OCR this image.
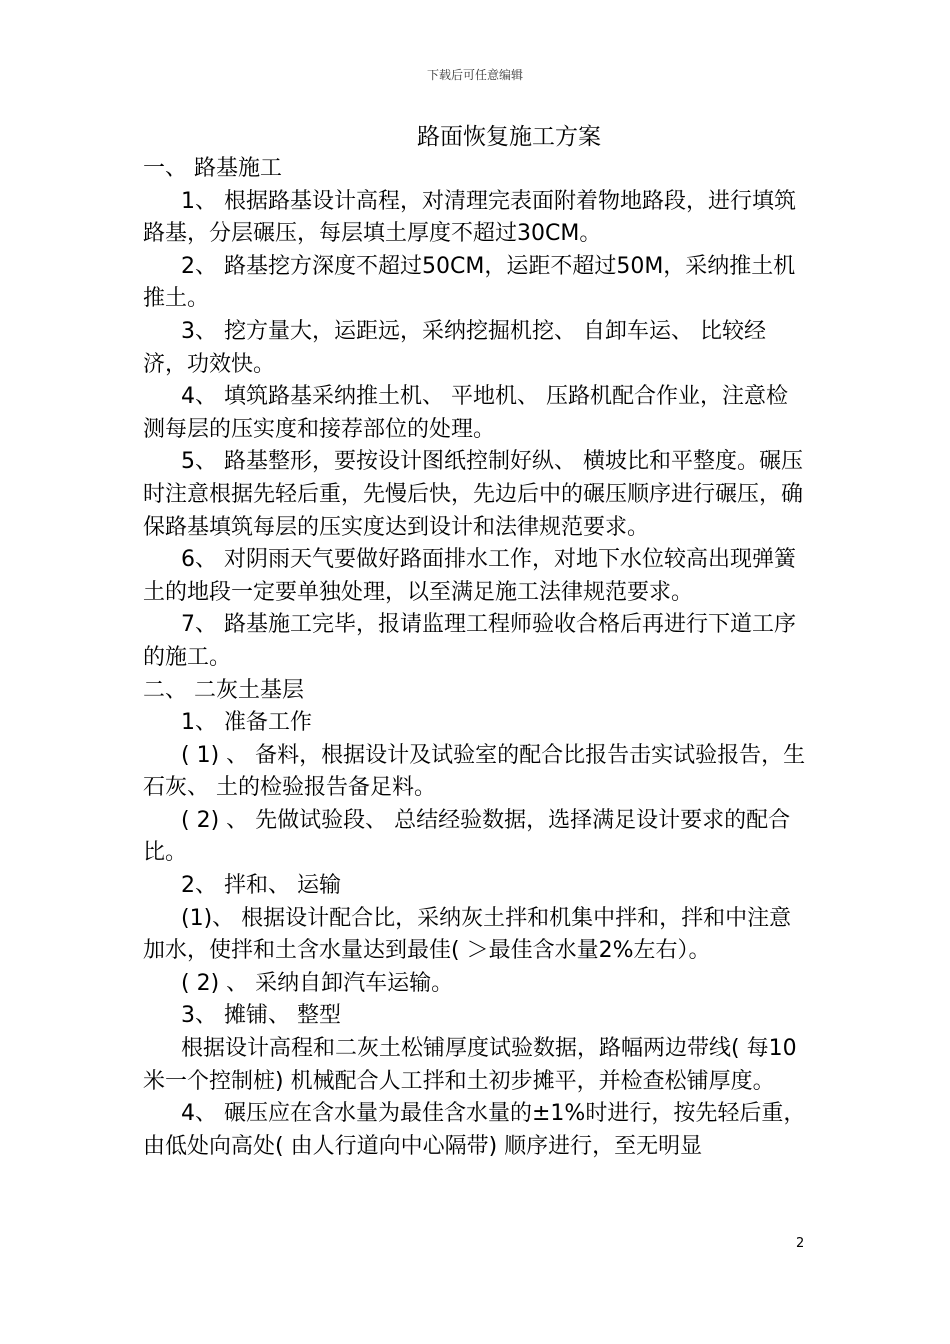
下载后可任意编辑
路面恢复施工方案

一、 路基施工

1、 根据路基设计高程，对清理完表面附着物地路段，进行填筑路基，分层碾压，每层填土厚度不超过30CM。

2、 路基挖方深度不超过50CM，运距不超过50M，采纳推土机推土。

3、 挖方量大，运距远，采纳挖掘机挖、 自卸车运、 比较经济，功效快。

4、 填筑路基采纳推土机、 平地机、 压路机配合作业，注意检测每层的压实度和接荐部位的处理。

5、 路基整形，要按设计图纸控制好纵、 横坡比和平整度。碾压时注意根据先轻后重，先慢后快，先边后中的碾压顺序进行碾压，确保路基填筑每层的压实度达到设计和法律规范要求。

6、 对阴雨天气要做好路面排水工作，对地下水位较高出现弹簧土的地段一定要单独处理，以至满足施工法律规范要求。

7、 路基施工完毕，报请监理工程师验收合格后再进行下道工序的施工。

二、 二灰土基层

1、 准备工作

( 1) 、 备料，根据设计及试验室的配合比报告击实试验报告，生石灰、 土的检验报告备足料。

( 2) 、 先做试验段、 总结经验数据，选择满足设计要求的配合比。

2、 拌和、 运输

(1)、 根据设计配合比，采纳灰土拌和机集中拌和，拌和中注意加水，使拌和土含水量达到最佳( ＞最佳含水量2%左右）。

( 2) 、 采纳自卸汽车运输。

3、 摊铺、 整型

根据设计高程和二灰土松铺厚度试验数据，路幅两边带线( 每10米一个控制桩) 机械配合人工拌和土初步摊平，并检查松铺厚度。

4、 碾压应在含水量为最佳含水量的±1%时进行，按先轻后重，由低处向高处( 由人行道向中心隔带) 顺序进行，至无明显

2
